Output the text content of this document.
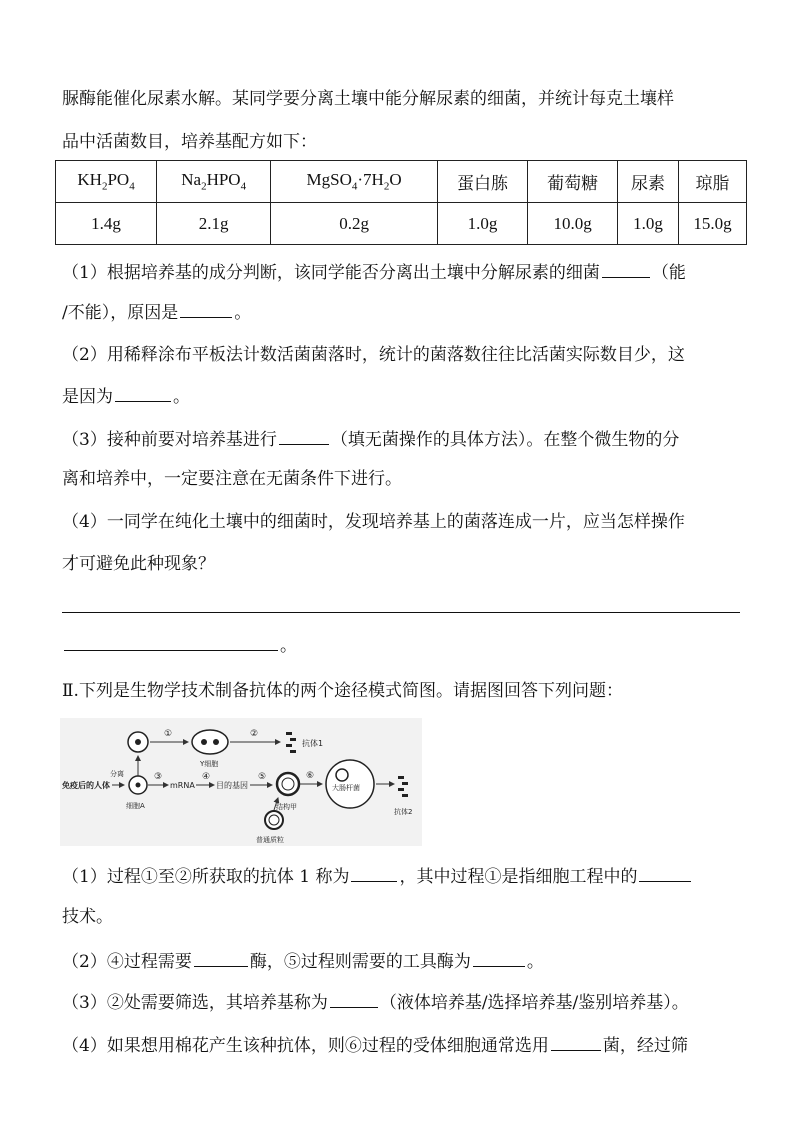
脲酶能催化尿素水解。某同学要分离土壤中能分解尿素的细菌，并统计每克土壤样
品中活菌数目，培养基配方如下：
$KH_2PO_4$	$Na_2HPO_4$	$MgSO_4\cdot 7H_2O$	蛋白胨	葡萄糖	尿素	琼脂
1.4g	2.1g	0.2g	1.0g	10.0g	1.0g	15.0g
（1）根据培养基的成分判断，该同学能否分离出土壤中分解尿素的细菌	（能
/不能），原因是	。
（2）用稀释涂布平板法计数活菌菌落时，统计的菌落数往往比活菌实际数目少，这
是因为	。
（3）接种前要对培养基进行	（填无菌操作的具体方法）。在整个微生物的分
离和培养中，一定要注意在无菌条件下进行。
（4）一同学在纯化土壤中的细菌时，发现培养基上的菌落连成一片，应当怎样操作
才可避免此种现象？
。
Ⅱ.下列是生物学技术制备抗体的两个途径模式简图。请据图回答下列问题：
①
Y细胞
②
抗体1
免疫后的人体
分离
细胞A
③
mRNA
④
目的基因
⑤
普通质粒
结构甲
⑥
大肠杆菌
抗体2
（1）过程①至②所获取的抗体 1 称为	，其中过程①是指细胞工程中的
技术。
（2）④过程需要	酶，⑤过程则需要的工具酶为	。
（3）②处需要筛选，其培养基称为	（液体培养基/选择培养基/鉴别培养基）。
（4）如果想用棉花产生该种抗体，则⑥过程的受体细胞通常选用	菌，经过筛
